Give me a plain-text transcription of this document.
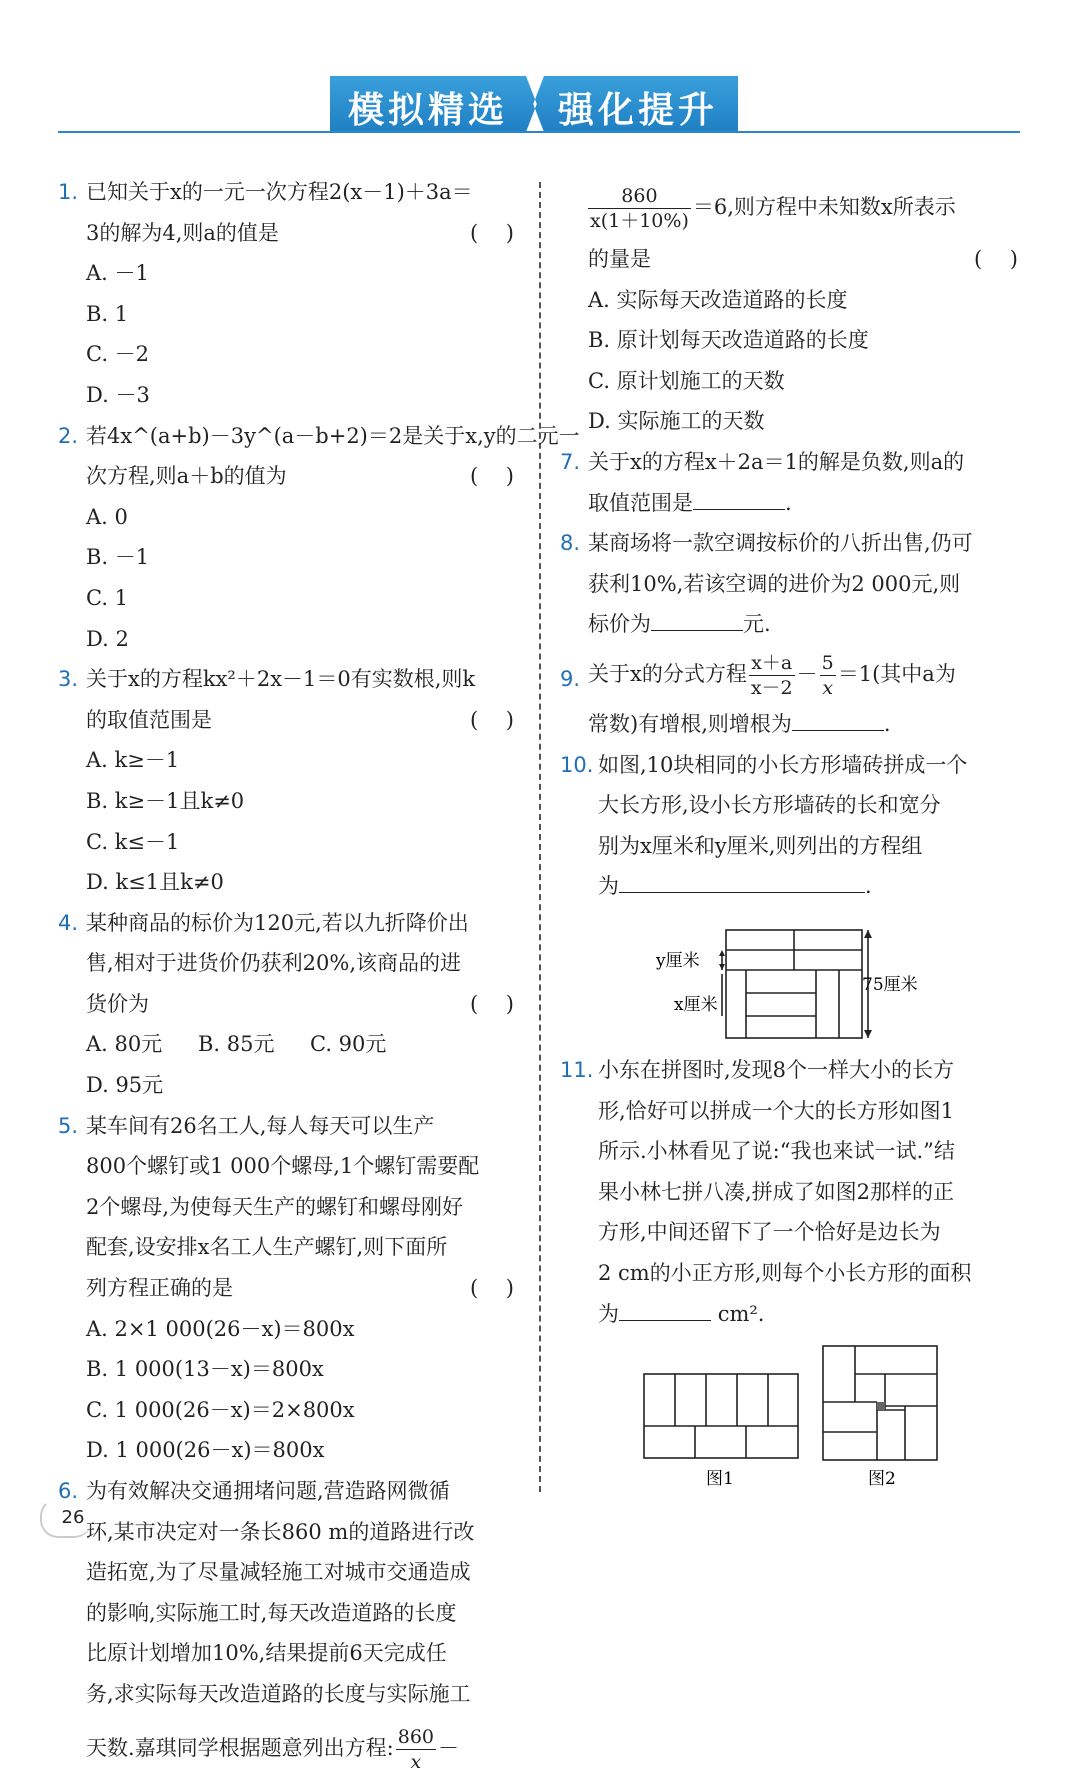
模拟精选 强化提升
1. 已知关于x的一元一次方程2(x－1)＋3a＝
3的解为4,则a的值是	(　 )
A. －1B. 1
C. －2D. －3
2. 若4x^(a+b)－3y^(a－b+2)＝2是关于x,y的二元一
次方程,则a＋b的值为	(　 )
A. 0B. －1
C. 1D. 2
3. 关于x的方程kx²＋2x－1＝0有实数根,则k
的取值范围是	(　 )
A. k≥－1B. k≥－1且k≠0
C. k≤－1D. k≤1且k≠0
4. 某种商品的标价为120元,若以九折降价出
售,相对于进货价仍获利20%,该商品的进
货价为	(　 )
A. 80元 B. 85元 C. 90元D. 95元
5. 某车间有26名工人,每人每天可以生产
800个螺钉或1 000个螺母,1个螺钉需要配
2个螺母,为使每天生产的螺钉和螺母刚好
配套,设安排x名工人生产螺钉,则下面所
列方程正确的是	(　 )
A. 2×1 000(26－x)＝800x
B. 1 000(13－x)＝800x
C. 1 000(26－x)＝2×800x
D. 1 000(26－x)＝800x
6. 为有效解决交通拥堵问题,营造路网微循
环,某市决定对一条长860 m的道路进行改
造拓宽,为了尽量减轻施工对城市交通造成
的影响,实际施工时,每天改造道路的长度
比原计划增加10%,结果提前6天完成任
务,求实际每天改造道路的长度与实际施工
天数.嘉琪同学根据题意列出方程: $\frac{860}{x}$ －
$\frac{860}{x(1+10\%)} =6$,则方程中未知数x所表示
的量是	(　 )
A. 实际每天改造道路的长度
B. 原计划每天改造道路的长度
C. 原计划施工的天数
D. 实际施工的天数
7. 关于x的方程x＋2a＝1的解是负数,则a的
取值范围是	.
8. 某商场将一款空调按标价的八折出售,仍可
获利10%,若该空调的进价为2 000元,则
标价为	元.
9. 关于x的分式方程 $\frac{x+a}{x-2} - \frac{5}{x} =1$(其中a为
常数)有增根,则增根为	.
10. 如图,10块相同的小长方形墙砖拼成一个
大长方形,设小长方形墙砖的长和宽分
别为x厘米和y厘米,则列出的方程组
为	.
y厘米
x厘米
75厘米
11. 小东在拼图时,发现8个一样大小的长方
形,恰好可以拼成一个大的长方形如图1
所示.小林看见了说:“我也来试一试.”结
果小林七拼八凑,拼成了如图2那样的正
方形,中间还留下了一个恰好是边长为
2 cm的小正方形,则每个小长方形的面积
为	cm².
图1	图2
26
